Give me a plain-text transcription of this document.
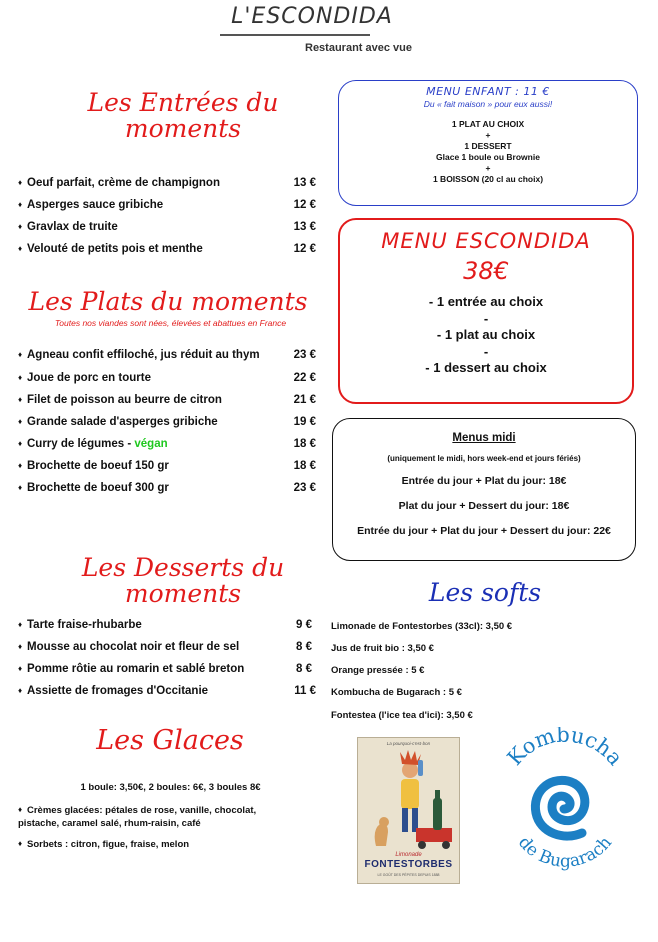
L'ESCONDIDA
Restaurant avec vue
Les Entrées du
moments
♦ Oeuf parfait, crème de champignon	13 €
♦ Asperges sauce gribiche	12 €
♦ Gravlax de truite	13 €
♦ Velouté de petits pois et menthe	12 €
Les Plats du moments
Toutes nos viandes sont nées, élevées et abattues en France
♦ Agneau confit effiloché, jus réduit au thym	23 €
♦ Joue de porc en tourte	22 €
♦ Filet de poisson au beurre de citron	21 €
♦ Grande salade d'asperges gribiche	19 €
♦ Curry de légumes - végan	18 €
♦ Brochette de boeuf 150 gr	18 €
♦ Brochette de boeuf 300 gr	23 €
Les Desserts du
moments
♦ Tarte fraise-rhubarbe	9 €
♦ Mousse au chocolat noir et fleur de sel	8 €
♦ Pomme rôtie au romarin et sablé breton	8 €
♦ Assiette de fromages d'Occitanie	11 €
Les Glaces
1 boule: 3,50€, 2 boules: 6€, 3 boules 8€
♦ Crèmes glacées: pétales de rose, vanille, chocolat,
pistache, caramel salé, rhum-raisin, café
♦ Sorbets : citron, figue, fraise, melon
MENU ENFANT : 11 €
Du « fait maison » pour eux aussi!
1 PLAT AU CHOIX
+
1 DESSERT
Glace 1 boule ou Brownie
+
1 BOISSON (20 cl au choix)
MENU ESCONDIDA
38€
- 1 entrée au choix
-
- 1 plat au choix
-
- 1 dessert au choix
Menus midi
(uniquement le midi, hors week-end et jours fériés)
Entrée du jour + Plat du jour: 18€
Plat du jour + Dessert du jour: 18€
Entrée du jour + Plat du jour + Dessert du jour: 22€
Les softs
Limonade de Fontestorbes (33cl): 3,50 €
Jus de fruit bio : 3,50 €
Orange pressée : 5 €
Kombucha de Bugarach : 5 €
Fontestea (l'ice tea d'ici): 3,50 €
La pourquoi-c'est-bon
Limonade
FONTESTORBES
LE GOÛT DES PÉPITES DEPUIS 1888
Kombucha
de Bugarach
